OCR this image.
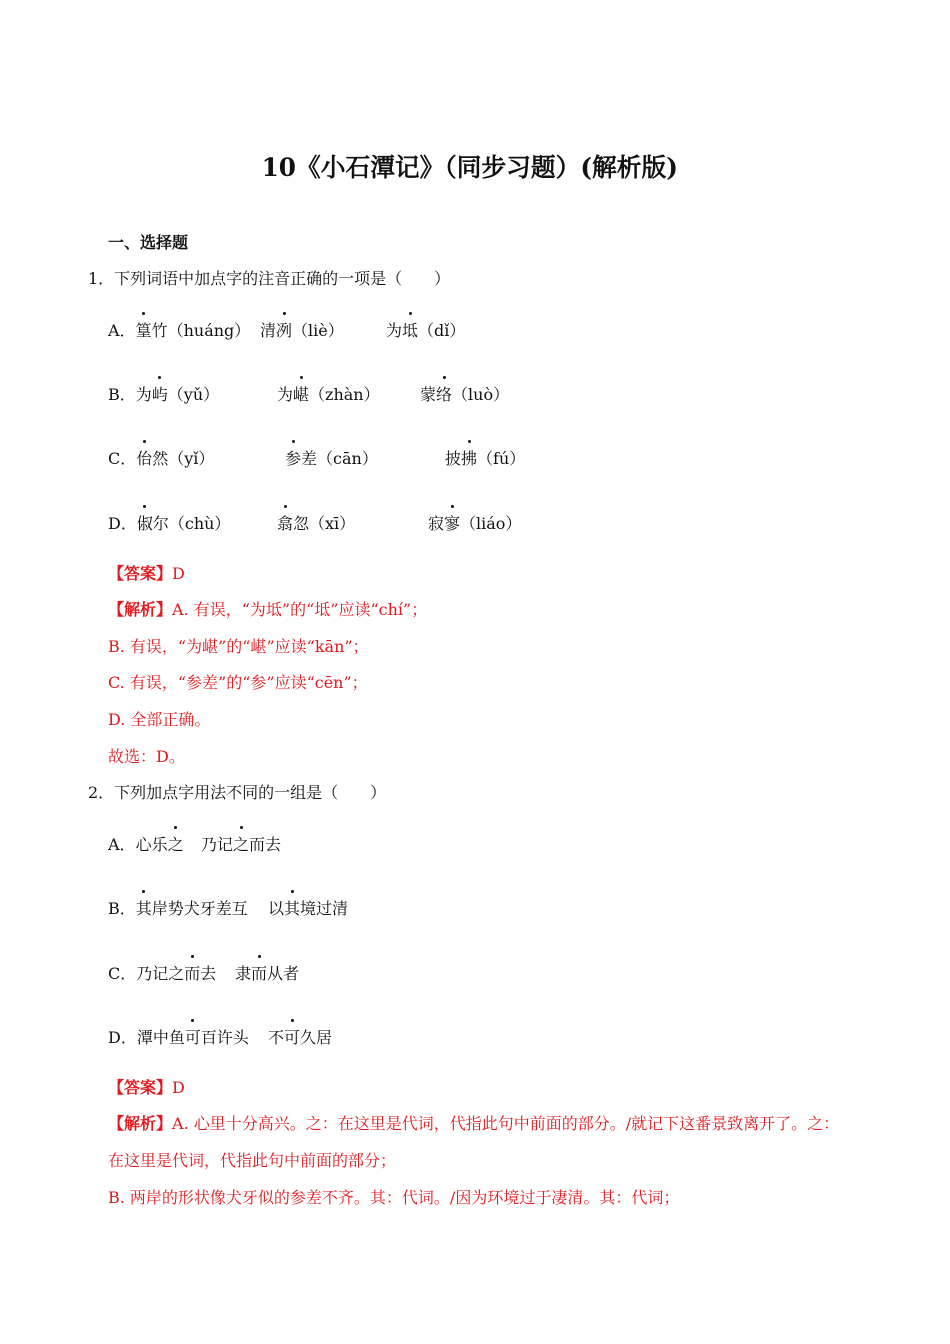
10《小石潭记》（同步习题）(解析版)
一、选择题
1．下列词语中加点字的注音正确的一项是（　　）
A．篁竹（huáng） 清冽（liè）	为坻（dǐ）
B．为屿（yǔ）	为嵁（zhàn）	蒙络（luò）
C．佁然（yǐ）	参差（cān）	披拂（fú）
D．俶尔（chù）	翕忽（xī）	寂寥（liáo）
【答案】D
【解析】A. 有误，“为坻”的“坻”应读“chí”；
B. 有误，“为嵁”的“嵁”应读“kān”；
C. 有误，“参差”的“参”应读“cēn”；
D. 全部正确。
故选：D。
2．下列加点字用法不同的一组是（　　）
A．心乐之 乃记之而去
B．其岸势犬牙差互 以其境过清
C．乃记之而去 隶而从者
D．潭中鱼可百许头 不可久居
【答案】D
【解析】A. 心里十分高兴。之：在这里是代词，代指此句中前面的部分。/就记下这番景致离开了。之：
在这里是代词，代指此句中前面的部分；
B. 两岸的形状像犬牙似的参差不齐。其：代词。/因为环境过于凄清。其：代词；
